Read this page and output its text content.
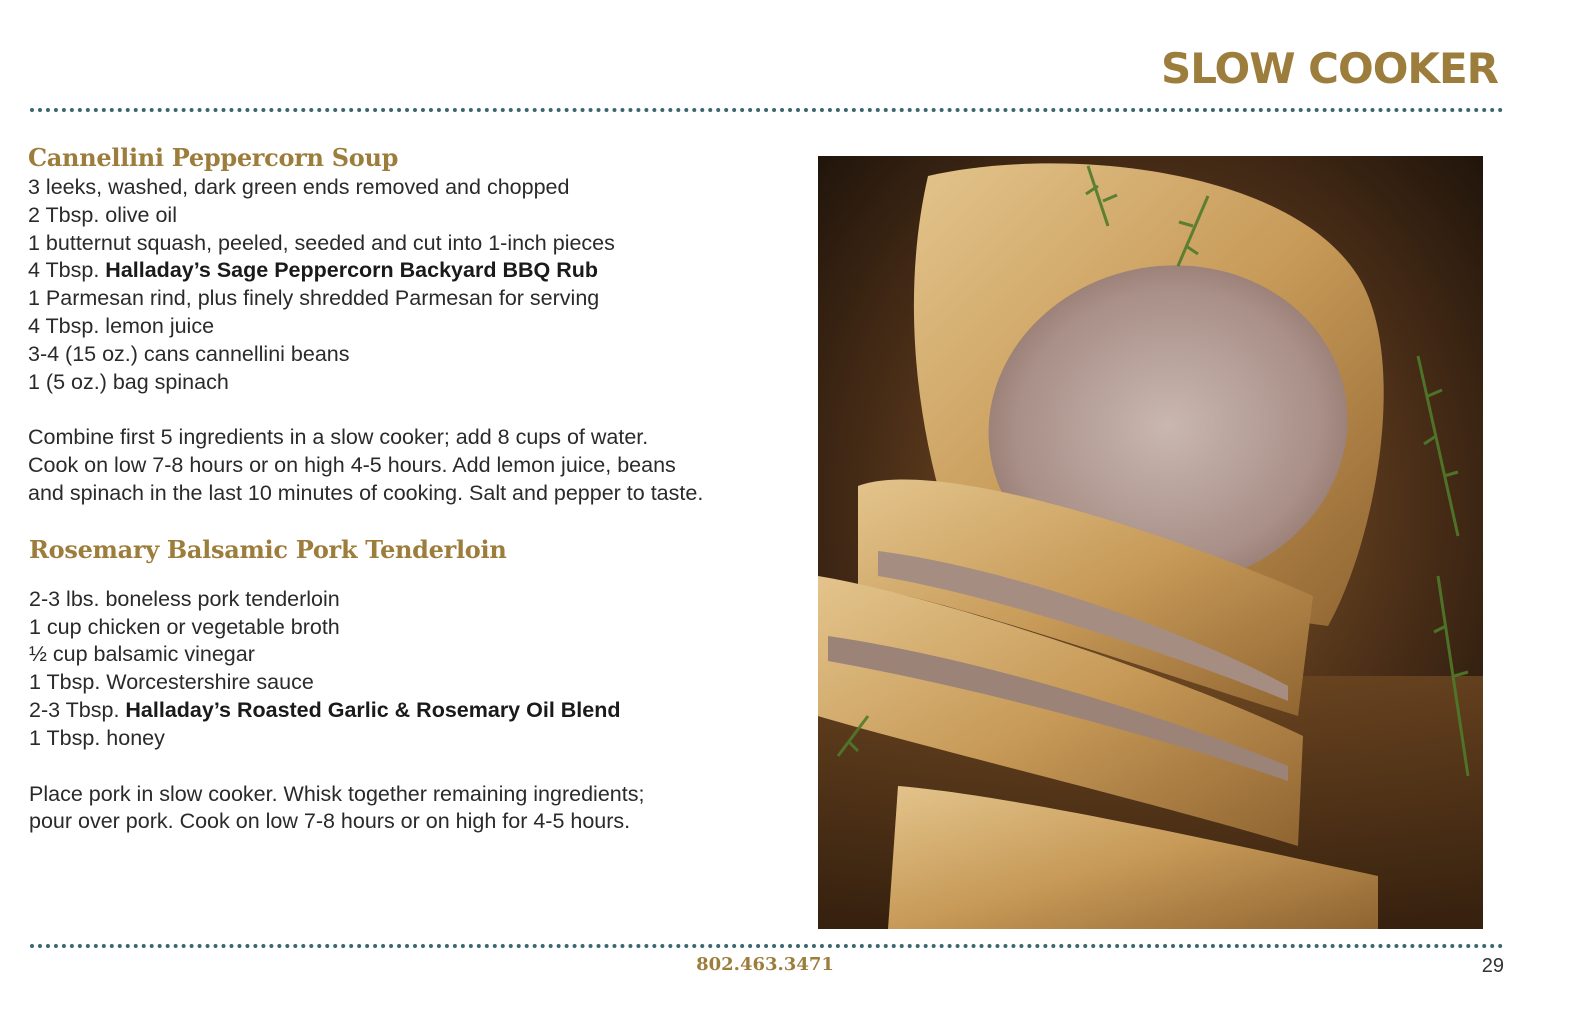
SLOW COOKER
Cannellini Peppercorn Soup
3 leeks, washed, dark green ends removed and chopped
2 Tbsp. olive oil
1 butternut squash, peeled, seeded and cut into 1-inch pieces
4 Tbsp. Halladay’s Sage Peppercorn Backyard BBQ Rub
1 Parmesan rind, plus finely shredded Parmesan for serving
4 Tbsp. lemon juice
3-4 (15 oz.) cans cannellini beans
1 (5 oz.) bag spinach

Combine first 5 ingredients in a slow cooker; add 8 cups of water.

Cook on low 7-8 hours or on high 4-5 hours. Add lemon juice, beans

and spinach in the last 10 minutes of cooking. Salt and pepper to taste.

Rosemary Balsamic Pork Tenderloin
2-3 lbs. boneless pork tenderloin
1 cup chicken or vegetable broth
½ cup balsamic vinegar
1 Tbsp. Worcestershire sauce
2-3 Tbsp. Halladay’s Roasted Garlic & Rosemary Oil Blend
1 Tbsp. honey

Place pork in slow cooker. Whisk together remaining ingredients;

pour over pork. Cook on low 7-8 hours or on high for 4-5 hours.

802.463.3471	29
